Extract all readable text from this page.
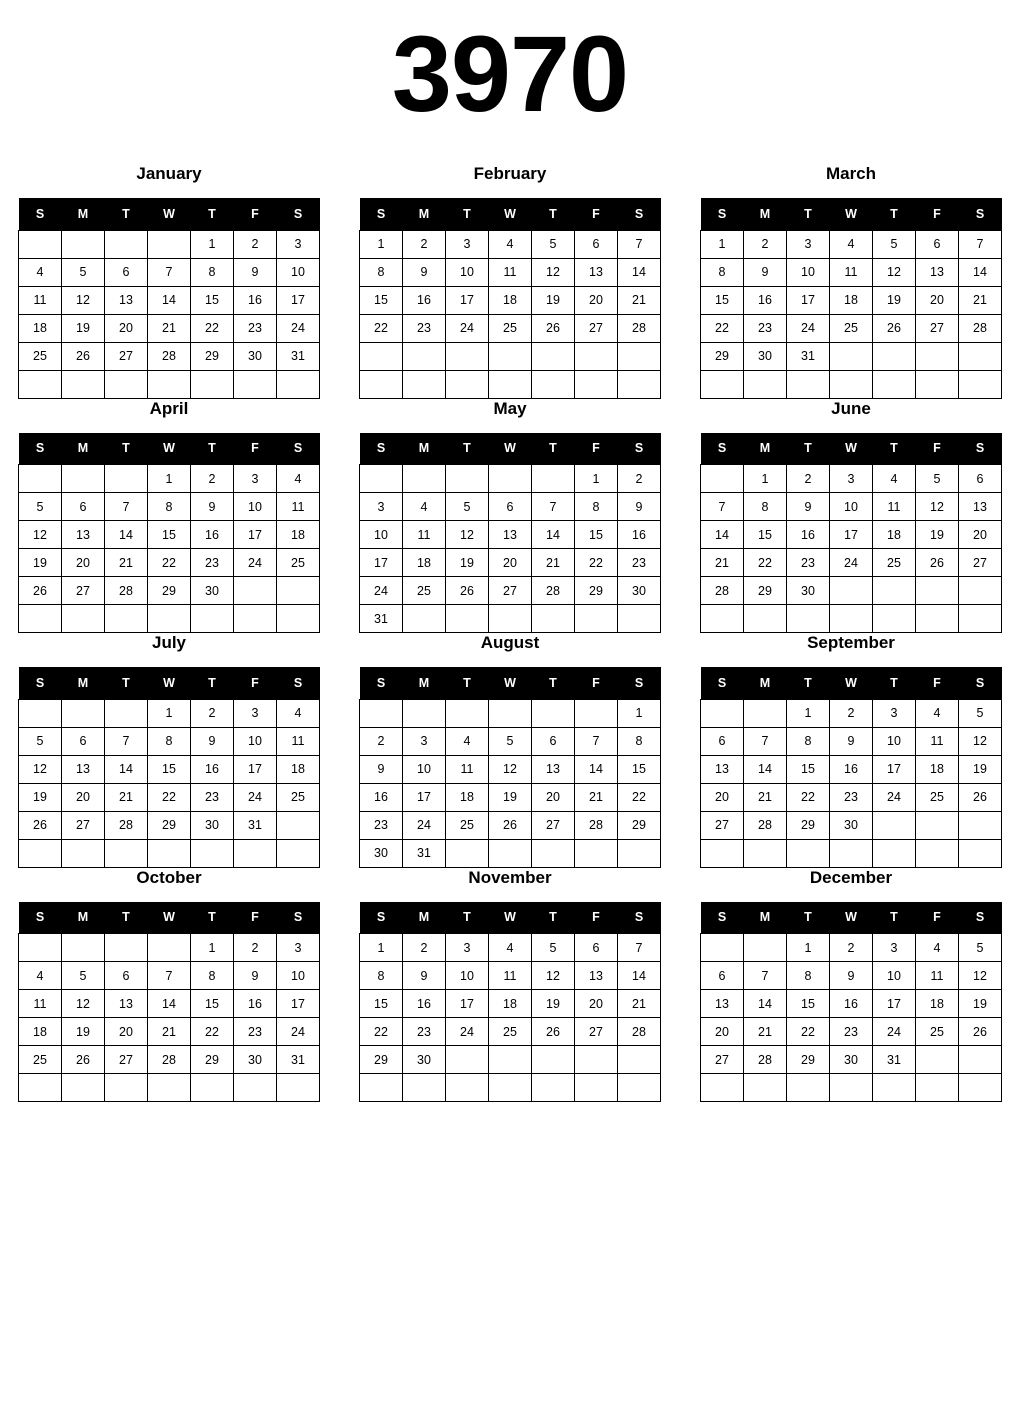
3970
January
S	M	T	W	T	F	S
				1	2	3
4	5	6	7	8	9	10
11	12	13	14	15	16	17
18	19	20	21	22	23	24
25	26	27	28	29	30	31

February
S	M	T	W	T	F	S
1	2	3	4	5	6	7
8	9	10	11	12	13	14
15	16	17	18	19	20	21
22	23	24	25	26	27	28

March
S	M	T	W	T	F	S
1	2	3	4	5	6	7
8	9	10	11	12	13	14
15	16	17	18	19	20	21
22	23	24	25	26	27	28
29	30	31				

April
S	M	T	W	T	F	S
			1	2	3	4
5	6	7	8	9	10	11
12	13	14	15	16	17	18
19	20	21	22	23	24	25
26	27	28	29	30		

May
S	M	T	W	T	F	S
					1	2
3	4	5	6	7	8	9
10	11	12	13	14	15	16
17	18	19	20	21	22	23
24	25	26	27	28	29	30
31						
June
S	M	T	W	T	F	S
	1	2	3	4	5	6
7	8	9	10	11	12	13
14	15	16	17	18	19	20
21	22	23	24	25	26	27
28	29	30				

July
S	M	T	W	T	F	S
			1	2	3	4
5	6	7	8	9	10	11
12	13	14	15	16	17	18
19	20	21	22	23	24	25
26	27	28	29	30	31	

August
S	M	T	W	T	F	S
						1
2	3	4	5	6	7	8
9	10	11	12	13	14	15
16	17	18	19	20	21	22
23	24	25	26	27	28	29
30	31					
September
S	M	T	W	T	F	S
		1	2	3	4	5
6	7	8	9	10	11	12
13	14	15	16	17	18	19
20	21	22	23	24	25	26
27	28	29	30			

October
S	M	T	W	T	F	S
				1	2	3
4	5	6	7	8	9	10
11	12	13	14	15	16	17
18	19	20	21	22	23	24
25	26	27	28	29	30	31

November
S	M	T	W	T	F	S
1	2	3	4	5	6	7
8	9	10	11	12	13	14
15	16	17	18	19	20	21
22	23	24	25	26	27	28
29	30					

December
S	M	T	W	T	F	S
		1	2	3	4	5
6	7	8	9	10	11	12
13	14	15	16	17	18	19
20	21	22	23	24	25	26
27	28	29	30	31		
